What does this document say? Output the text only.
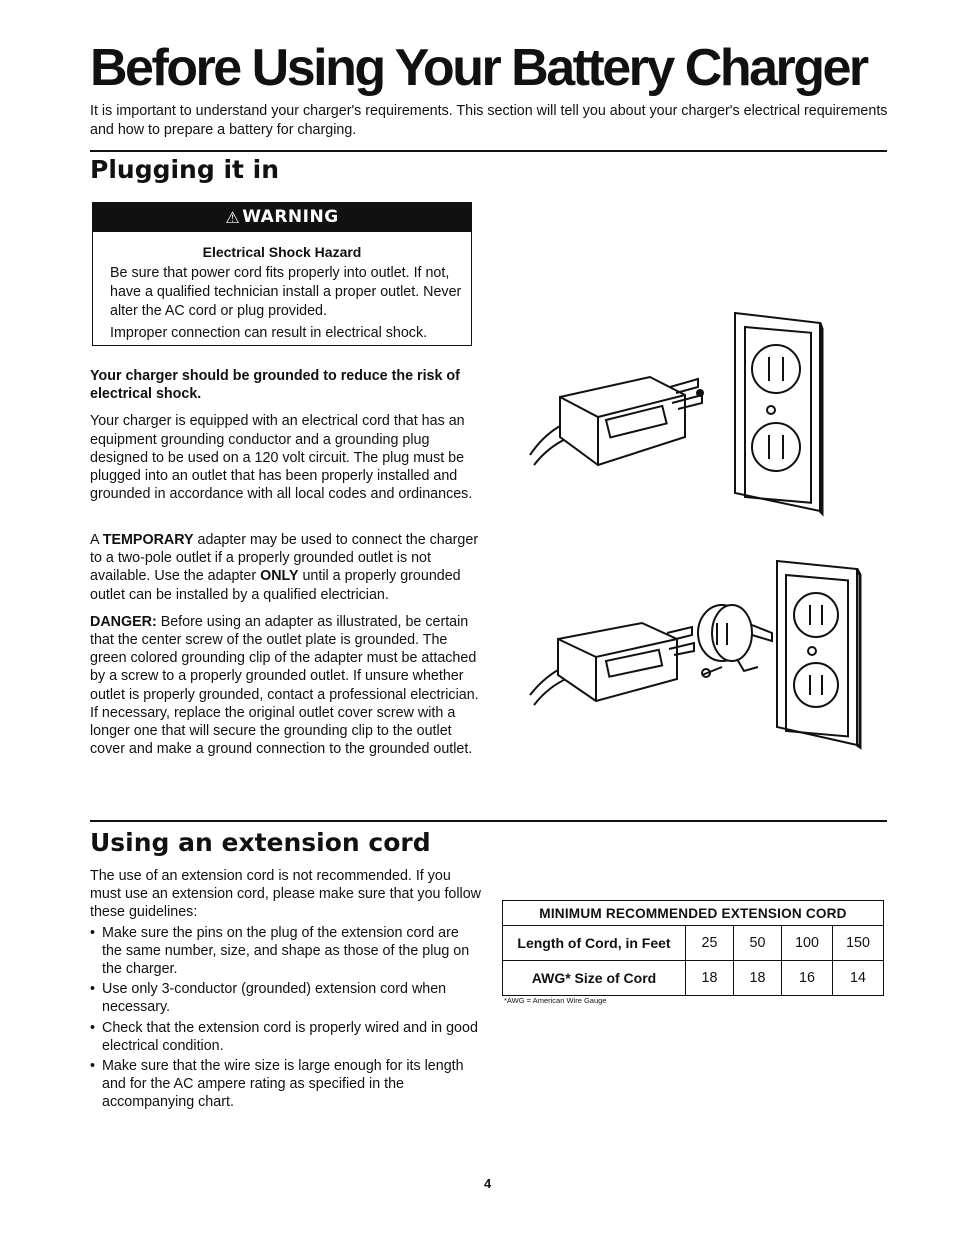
Before Using Your Battery Charger
It is important to understand your charger's requirements. This section will tell you about your charger's electrical requirements and how to prepare a battery for charging.
Plugging it in
⚠ WARNING
Electrical Shock Hazard

Be sure that power cord fits properly into outlet. If not, have a qualified technician install a proper outlet. Never alter the AC cord or plug provided.

Improper connection can result in electrical shock.

Your charger should be grounded to reduce the risk of electrical shock.

Your charger is equipped with an electrical cord that has an equipment grounding conductor and a grounding plug designed to be used on a 120 volt circuit. The plug must be plugged into an outlet that has been properly installed and grounded in accordance with all local codes and ordinances.

A TEMPORARY adapter may be used to connect the charger to a two-pole outlet if a properly grounded outlet is not available. Use the adapter ONLY until a properly grounded outlet can be installed by a qualified electrician.

DANGER: Before using an adapter as illustrated, be certain that the center screw of the outlet plate is grounded. The green colored grounding clip of the adapter must be attached by a screw to a properly grounded outlet. If unsure whether outlet is properly grounded, contact a professional electrician. If necessary, replace the original outlet cover screw with a longer one that will secure the grounding clip to the outlet cover and make a ground connection to the grounded outlet.

Using an extension cord

The use of an extension cord is not recommended. If you must use an extension cord, please make sure that you follow these guidelines:

• Make sure the pins on the plug of the extension cord are the same number, size, and shape as those of the plug on the charger.
• Use only 3-conductor (grounded) extension cord when necessary.
• Check that the extension cord is properly wired and in good electrical condition.
• Make sure that the wire size is large enough for its length and for the AC ampere rating as specified in the accompanying chart.
MINIMUM RECOMMENDED EXTENSION CORD				
Length of Cord, in Feet	25	50	100	150
AWG* Size of Cord	18	18	16	14
*AWG = American Wire Gauge
4
